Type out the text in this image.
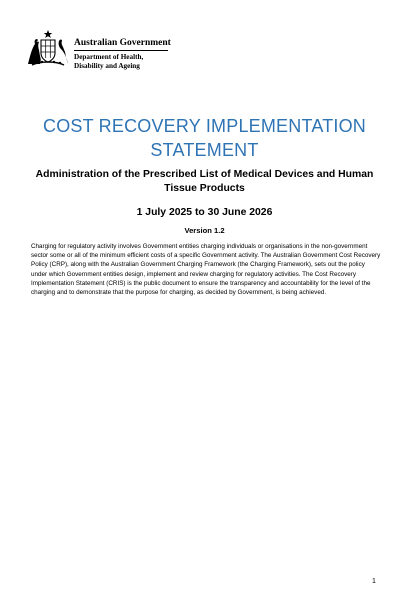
Australian Government
Department of Health,
Disability and Ageing
COST RECOVERY IMPLEMENTATION
STATEMENT
Administration of the Prescribed List of Medical Devices and Human
Tissue Products
1 July 2025 to 30 June 2026
Version 1.2

Charging for regulatory activity involves Government entities charging individuals or organisations in the non-government sector some or all of the minimum efficient costs of a specific Government activity. The Australian Government Cost Recovery Policy (CRP), along with the Australian Government Charging Framework (the Charging Framework), sets out the policy under which Government entities design, implement and review charging for regulatory activities. The Cost Recovery Implementation Statement (CRIS) is the public document to ensure the transparency and accountability for the level of the charging and to demonstrate that the purpose for charging, as decided by Government, is being achieved.

1
